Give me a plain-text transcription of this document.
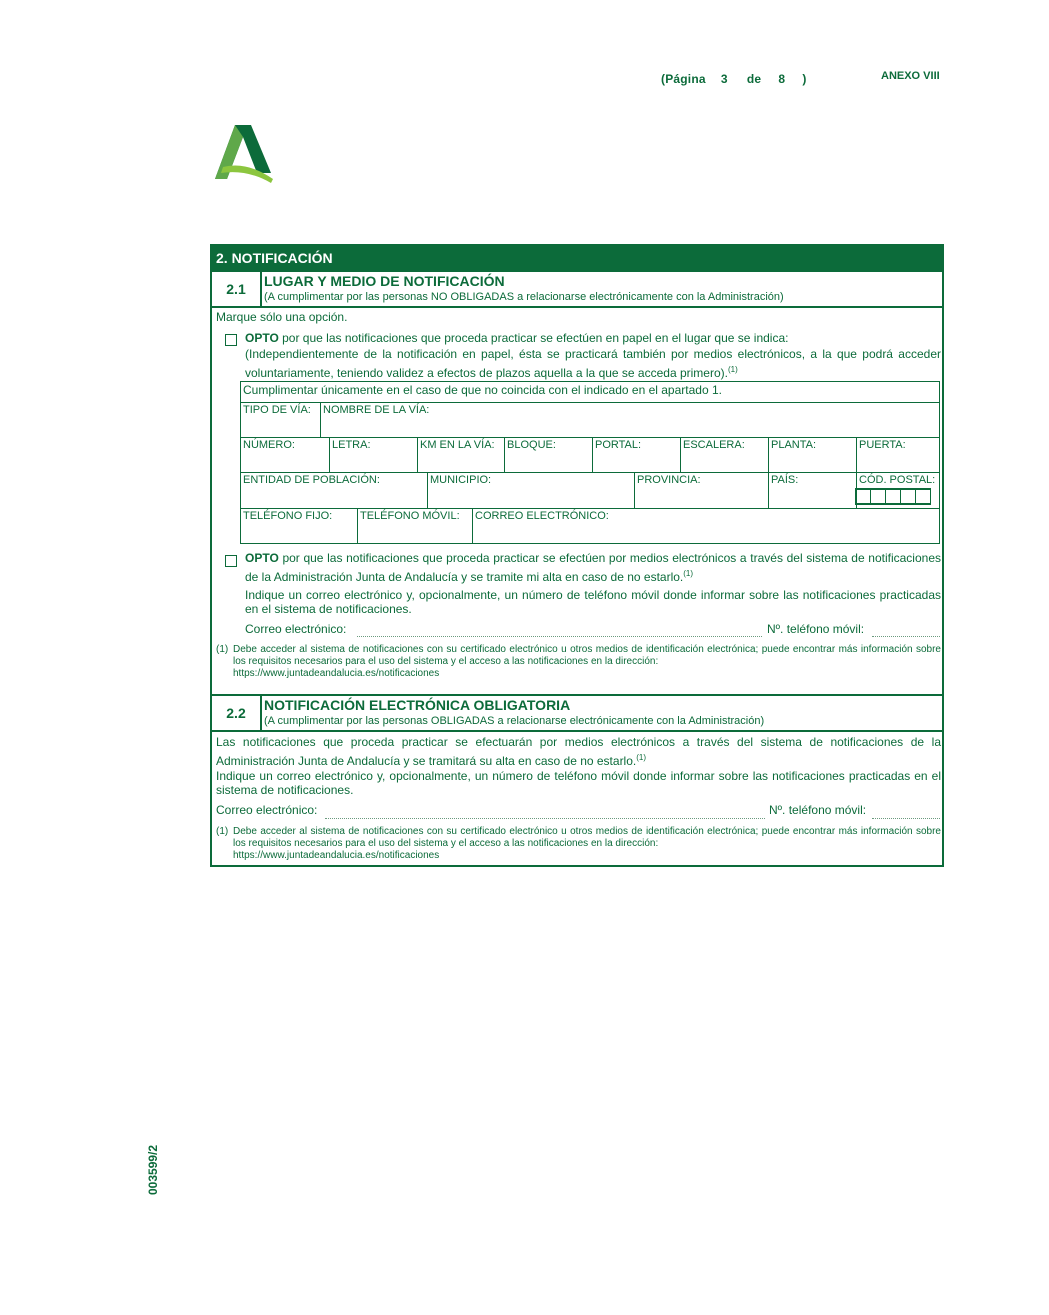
(Página 3 de 8 )	ANEXO VIII
003599/2
2. NOTIFICACIÓN
2.1	LUGAR Y MEDIO DE NOTIFICACIÓN
(A cumplimentar por las personas NO OBLIGADAS a relacionarse electrónicamente con la Administración)
Marque sólo una opción.
OPTO por que las notificaciones que proceda practicar se efectúen en papel en el lugar que se indica:
(Independientemente de la notificación en papel, ésta se practicará también por medios electrónicos, a la que podrá acceder voluntariamente, teniendo validez a efectos de plazos aquella a la que se acceda primero).$^{(1)}$
Cumplimentar únicamente en el caso de que no coincida con el indicado en el apartado 1.
TIPO DE VÍA:	NOMBRE DE LA VÍA:
NÚMERO:	LETRA:	KM EN LA VÍA:	BLOQUE:	PORTAL:	ESCALERA:	PLANTA:	PUERTA:
ENTIDAD DE POBLACIÓN:	MUNICIPIO:	PROVINCIA:	PAÍS:	CÓD. POSTAL:
TELÉFONO FIJO:	TELÉFONO MÓVIL:	CORREO ELECTRÓNICO:
OPTO por que las notificaciones que proceda practicar se efectúen por medios electrónicos a través del sistema de notificaciones de la Administración Junta de Andalucía y se tramite mi alta en caso de no estarlo.$^{(1)}$
Indique un correo electrónico y, opcionalmente, un número de teléfono móvil donde informar sobre las notificaciones practicadas en el sistema de notificaciones.
Correo electrónico:	Nº. teléfono móvil:
(1) Debe acceder al sistema de notificaciones con su certificado electrónico u otros medios de identificación electrónica; puede encontrar más información sobre los requisitos necesarios para el uso del sistema y el acceso a las notificaciones en la dirección:
https://www.juntadeandalucia.es/notificaciones
2.2	NOTIFICACIÓN ELECTRÓNICA OBLIGATORIA
(A cumplimentar por las personas OBLIGADAS a relacionarse electrónicamente con la Administración)
Las notificaciones que proceda practicar se efectuarán por medios electrónicos a través del sistema de notificaciones de la Administración Junta de Andalucía y se tramitará su alta en caso de no estarlo.$^{(1)}$
Indique un correo electrónico y, opcionalmente, un número de teléfono móvil donde informar sobre las notificaciones practicadas en el sistema de notificaciones.
Correo electrónico:	Nº. teléfono móvil:
(1) Debe acceder al sistema de notificaciones con su certificado electrónico u otros medios de identificación electrónica; puede encontrar más información sobre los requisitos necesarios para el uso del sistema y el acceso a las notificaciones en la dirección:
https://www.juntadeandalucia.es/notificaciones
